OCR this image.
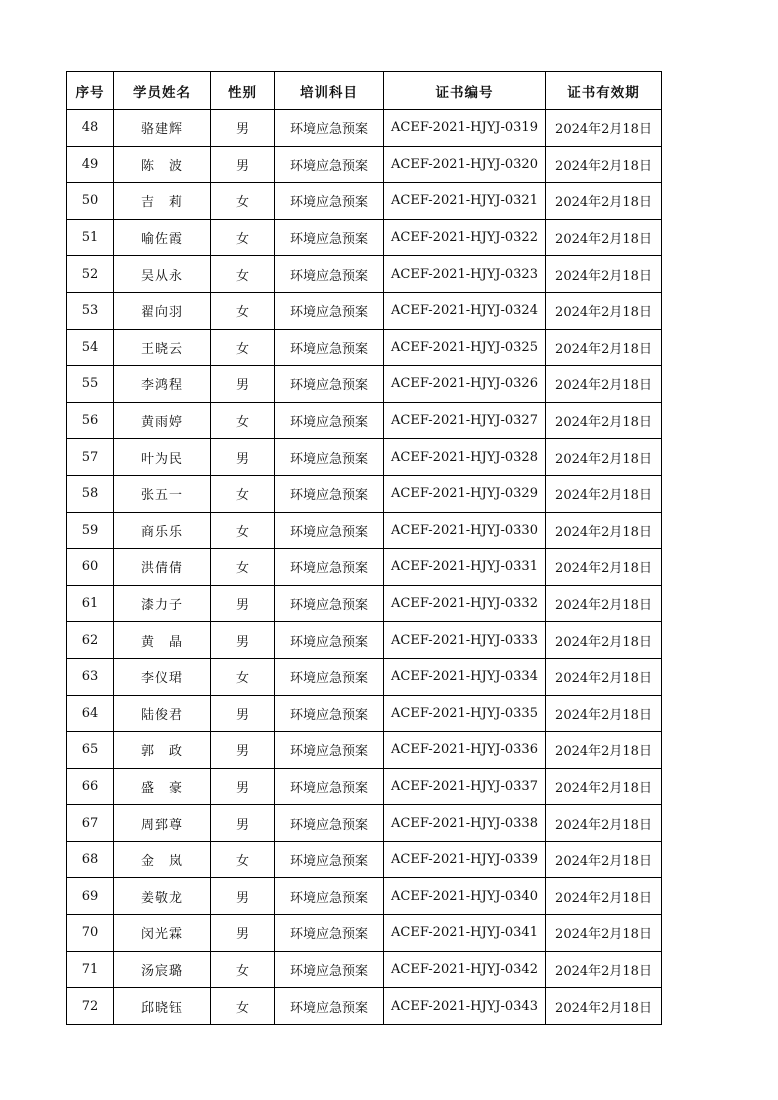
序号	学员姓名	性别	培训科目	证书编号	证书有效期
48	骆建辉	男	环境应急预案	ACEF-2021-HJYJ-0319	2024年2月18日
49	陈　波	男	环境应急预案	ACEF-2021-HJYJ-0320	2024年2月18日
50	吉　莉	女	环境应急预案	ACEF-2021-HJYJ-0321	2024年2月18日
51	喻佐霞	女	环境应急预案	ACEF-2021-HJYJ-0322	2024年2月18日
52	吴从永	女	环境应急预案	ACEF-2021-HJYJ-0323	2024年2月18日
53	翟向羽	女	环境应急预案	ACEF-2021-HJYJ-0324	2024年2月18日
54	王晓云	女	环境应急预案	ACEF-2021-HJYJ-0325	2024年2月18日
55	李鸿程	男	环境应急预案	ACEF-2021-HJYJ-0326	2024年2月18日
56	黄雨婷	女	环境应急预案	ACEF-2021-HJYJ-0327	2024年2月18日
57	叶为民	男	环境应急预案	ACEF-2021-HJYJ-0328	2024年2月18日
58	张五一	女	环境应急预案	ACEF-2021-HJYJ-0329	2024年2月18日
59	商乐乐	女	环境应急预案	ACEF-2021-HJYJ-0330	2024年2月18日
60	洪倩倩	女	环境应急预案	ACEF-2021-HJYJ-0331	2024年2月18日
61	漆力子	男	环境应急预案	ACEF-2021-HJYJ-0332	2024年2月18日
62	黄　晶	男	环境应急预案	ACEF-2021-HJYJ-0333	2024年2月18日
63	李仪珺	女	环境应急预案	ACEF-2021-HJYJ-0334	2024年2月18日
64	陆俊君	男	环境应急预案	ACEF-2021-HJYJ-0335	2024年2月18日
65	郭　政	男	环境应急预案	ACEF-2021-HJYJ-0336	2024年2月18日
66	盛　豪	男	环境应急预案	ACEF-2021-HJYJ-0337	2024年2月18日
67	周郅尊	男	环境应急预案	ACEF-2021-HJYJ-0338	2024年2月18日
68	金　岚	女	环境应急预案	ACEF-2021-HJYJ-0339	2024年2月18日
69	姜敬龙	男	环境应急预案	ACEF-2021-HJYJ-0340	2024年2月18日
70	闵光霖	男	环境应急预案	ACEF-2021-HJYJ-0341	2024年2月18日
71	汤宸璐	女	环境应急预案	ACEF-2021-HJYJ-0342	2024年2月18日
72	邱晓钰	女	环境应急预案	ACEF-2021-HJYJ-0343	2024年2月18日
